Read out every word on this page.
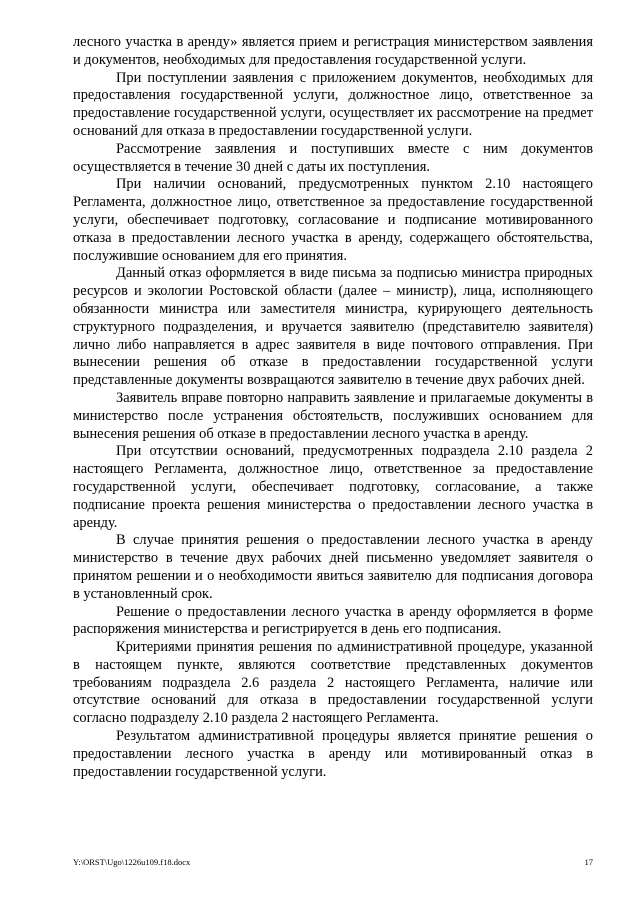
лесного участка в аренду» является прием и регистрация министерством заявления и документов, необходимых для предоставления государственной услуги.

При поступлении заявления с приложением документов, необходимых для предоставления государственной услуги, должностное лицо, ответственное за предоставление государственной услуги, осуществляет их рассмотрение на предмет оснований для отказа в предоставлении государственной услуги.

Рассмотрение заявления и поступивших вместе с ним документов осуществляется в течение 30 дней с даты их поступления.

При наличии оснований, предусмотренных пунктом 2.10 настоящего Регламента, должностное лицо, ответственное за предоставление государственной услуги, обеспечивает подготовку, согласование и подписание мотивированного отказа в предоставлении лесного участка в аренду, содержащего обстоятельства, послужившие основанием для его принятия.

Данный отказ оформляется в виде письма за подписью министра природных ресурсов и экологии Ростовской области (далее – министр), лица, исполняющего обязанности министра или заместителя министра, курирующего деятельность структурного подразделения, и вручается заявителю (представителю заявителя) лично либо направляется в адрес заявителя в виде почтового отправления. При вынесении решения об отказе в предоставлении государственной услуги представленные документы возвращаются заявителю в течение двух рабочих дней.

Заявитель вправе повторно направить заявление и прилагаемые документы в министерство после устранения обстоятельств, послуживших основанием для вынесения решения об отказе в предоставлении лесного участка в аренду.

При отсутствии оснований, предусмотренных подраздела 2.10 раздела 2 настоящего Регламента, должностное лицо, ответственное за предоставление государственной услуги, обеспечивает подготовку, согласование, а также подписание проекта решения министерства о предоставлении лесного участка в аренду.

В случае принятия решения о предоставлении лесного участка в аренду министерство в течение двух рабочих дней письменно уведомляет заявителя о принятом решении и о необходимости явиться заявителю для подписания договора в установленный срок.

Решение о предоставлении лесного участка в аренду оформляется в форме распоряжения министерства и регистрируется в день его подписания.

Критериями принятия решения по административной процедуре, указанной в настоящем пункте, являются соответствие представленных документов требованиям подраздела 2.6 раздела 2 настоящего Регламента, наличие или отсутствие оснований для отказа в предоставлении государственной услуги согласно подразделу 2.10 раздела 2 настоящего Регламента.

Результатом административной процедуры является принятие решения о предоставлении лесного участка в аренду или мотивированный отказ в предоставлении государственной услуги.

Y:\ORST\Ugo\1226u109.f18.docx	17
